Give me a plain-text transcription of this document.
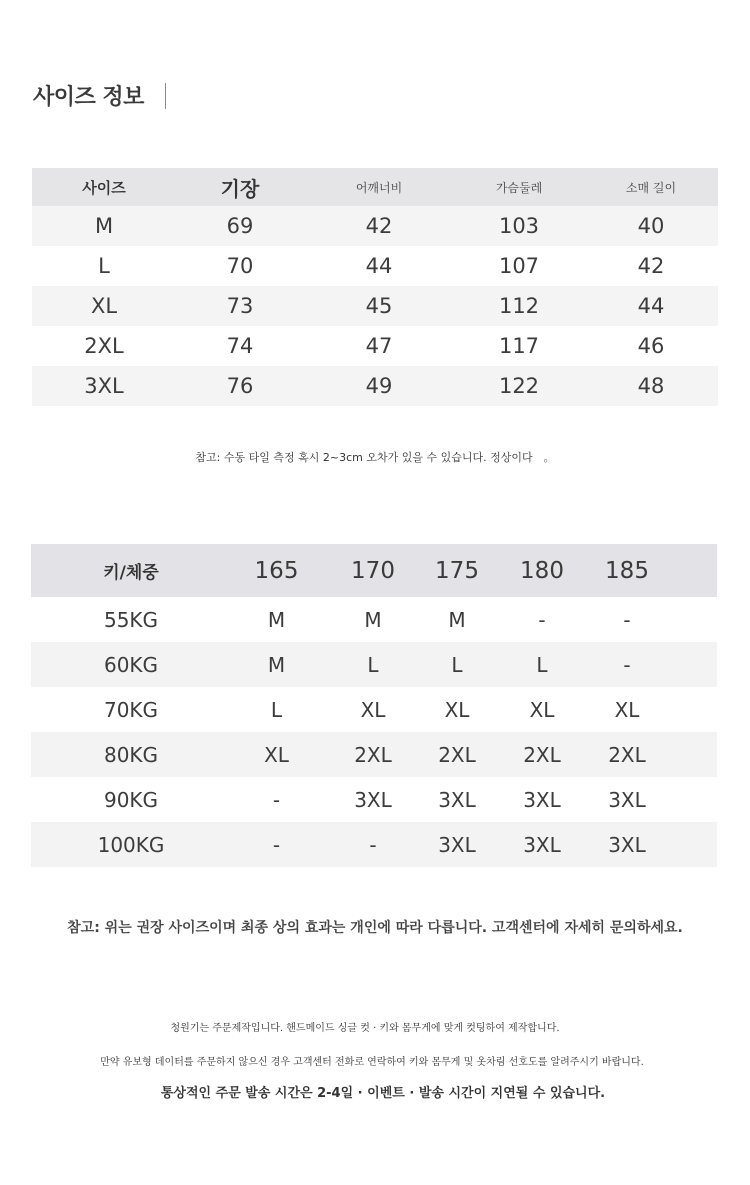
사이즈 정보
사이즈	기장	어깨너비	가슴둘레	소매 길이
M	69	42	103	40
L	70	44	107	42
XL	73	45	112	44
2XL	74	47	117	46
3XL	76	49	122	48
참고: 수동 타일 측정 혹시 2~3cm 오차가 있을 수 있습니다. 정상이다　。
키/체중	165	170	175	180	185	
55KG	M	M	M	-	-	
60KG	M	L	L	L	-	
70KG	L	XL	XL	XL	XL	
80KG	XL	2XL	2XL	2XL	2XL	
90KG	-	3XL	3XL	3XL	3XL	
100KG	-	-	3XL	3XL	3XL	
참고: 위는 권장 사이즈이며 최종 상의 효과는 개인에 따라 다릅니다. 고객센터에 자세히 문의하세요.
청원기는 주문제작입니다. 핸드메이드 싱글 컷 · 키와 몸무게에 맞게 컷팅하여 제작합니다.
만약 유보형 데이터를 주문하지 않으신 경우 고객센터 전화로 연락하여 키와 몸무게 및 옷차림 선호도를 알려주시기 바랍니다.
통상적인 주문 발송 시간은 2-4일 · 이벤트 · 발송 시간이 지연될 수 있습니다.
